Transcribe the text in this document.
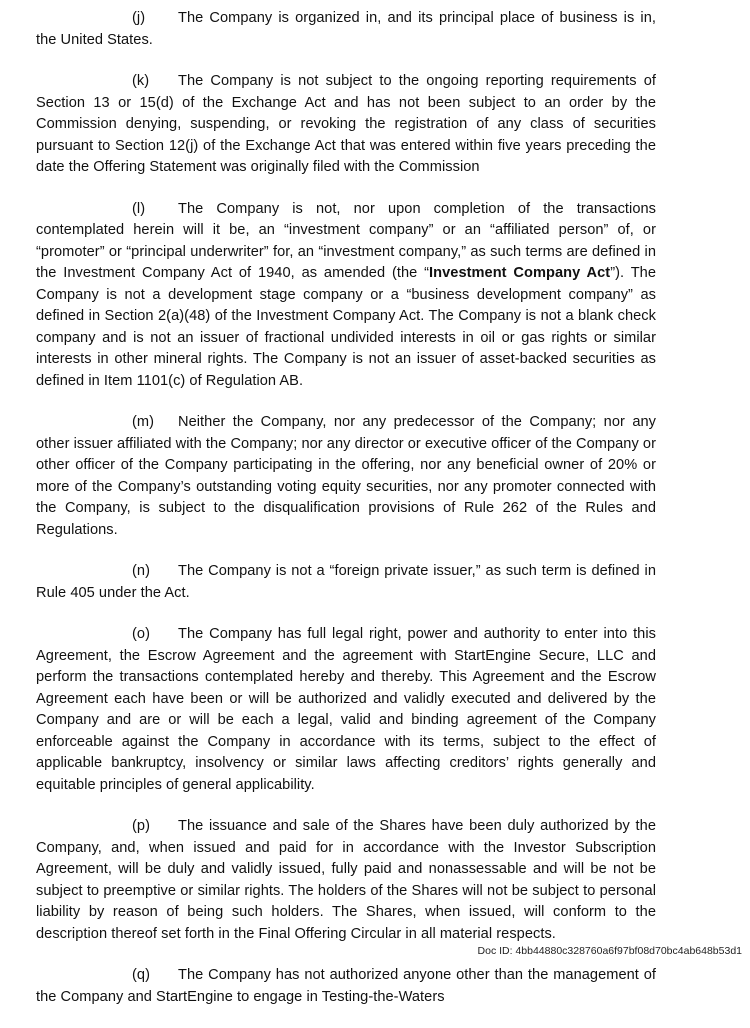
(j) The Company is organized in, and its principal place of business is in, the United States.

(k) The Company is not subject to the ongoing reporting requirements of Section 13 or 15(d) of the Exchange Act and has not been subject to an order by the Commission denying, suspending, or revoking the registration of any class of securities pursuant to Section 12(j) of the Exchange Act that was entered within five years preceding the date the Offering Statement was originally filed with the Commission

(l) The Company is not, nor upon completion of the transactions contemplated herein will it be, an “investment company” or an “affiliated person” of, or “promoter” or “principal underwriter” for, an “investment company,” as such terms are defined in the Investment Company Act of 1940, as amended (the “Investment Company Act”). The Company is not a development stage company or a “business development company” as defined in Section 2(a)(48) of the Investment Company Act. The Company is not a blank check company and is not an issuer of fractional undivided interests in oil or gas rights or similar interests in other mineral rights. The Company is not an issuer of asset-backed securities as defined in Item 1101(c) of Regulation AB.

(m) Neither the Company, nor any predecessor of the Company; nor any other issuer affiliated with the Company; nor any director or executive officer of the Company or other officer of the Company participating in the offering, nor any beneficial owner of 20% or more of the Company’s outstanding voting equity securities, nor any promoter connected with the Company, is subject to the disqualification provisions of Rule 262 of the Rules and Regulations.

(n) The Company is not a “foreign private issuer,” as such term is defined in Rule 405 under the Act.

(o) The Company has full legal right, power and authority to enter into this Agreement, the Escrow Agreement and the agreement with StartEngine Secure, LLC and perform the transactions contemplated hereby and thereby. This Agreement and the Escrow Agreement each have been or will be authorized and validly executed and delivered by the Company and are or will be each a legal, valid and binding agreement of the Company enforceable against the Company in accordance with its terms, subject to the effect of applicable bankruptcy, insolvency or similar laws affecting creditors’ rights generally and equitable principles of general applicability.

(p) The issuance and sale of the Shares have been duly authorized by the Company, and, when issued and paid for in accordance with the Investor Subscription Agreement, will be duly and validly issued, fully paid and nonassessable and will be not be subject to preemptive or similar rights. The holders of the Shares will not be subject to personal liability by reason of being such holders. The Shares, when issued, will conform to the description thereof set forth in the Final Offering Circular in all material respects.

(q) The Company has not authorized anyone other than the management of the Company and StartEngine to engage in Testing-the-Waters

Doc ID: 4bb44880c328760a6f97bf08d70bc4ab648b53d1
